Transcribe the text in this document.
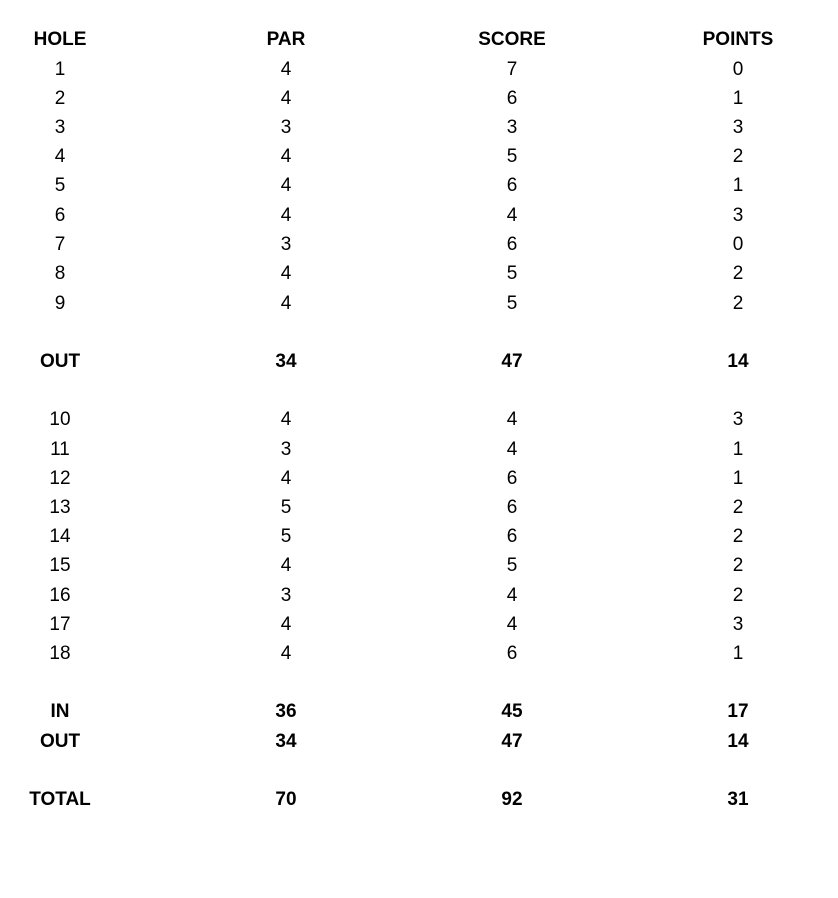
HOLE	PAR	SCORE	POINTS
1	4	7	0
2	4	6	1
3	3	3	3
4	4	5	2
5	4	6	1
6	4	4	3
7	3	6	0
8	4	5	2
9	4	5	2
OUT	34	47	14
10	4	4	3
11	3	4	1
12	4	6	1
13	5	6	2
14	5	6	2
15	4	5	2
16	3	4	2
17	4	4	3
18	4	6	1
IN	36	45	17
OUT	34	47	14
TOTAL	70	92	31
